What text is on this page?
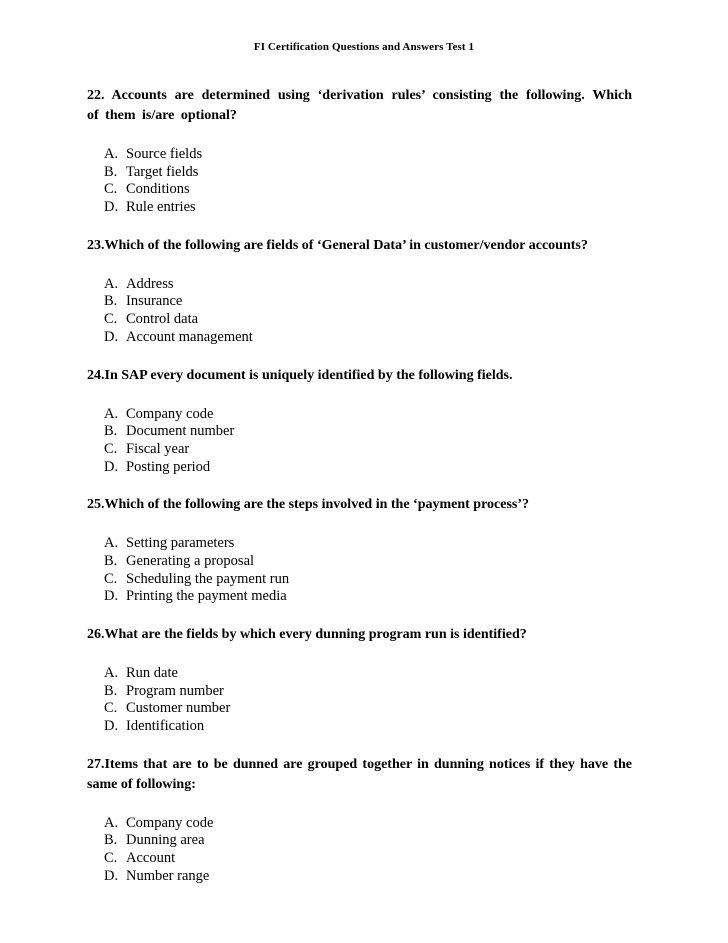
FI Certification Questions and Answers Test 1

22. Accounts are determined using ‘derivation rules’ consisting the following. Which of them is/are optional?

A. Source fields
B. Target fields
C. Conditions
D. Rule entries

23.Which of the following are fields of ‘General Data’ in customer/vendor accounts?

A. Address
B. Insurance
C. Control data
D. Account management

24.In SAP every document is uniquely identified by the following fields.

A. Company code
B. Document number
C. Fiscal year
D. Posting period

25.Which of the following are the steps involved in the ‘payment process’?

A. Setting parameters
B. Generating a proposal
C. Scheduling the payment run
D. Printing the payment media

26.What are the fields by which every dunning program run is identified?

A. Run date
B. Program number
C. Customer number
D. Identification

27.Items that are to be dunned are grouped together in dunning notices if they have the same of following:

A. Company code
B. Dunning area
C. Account
D. Number range
